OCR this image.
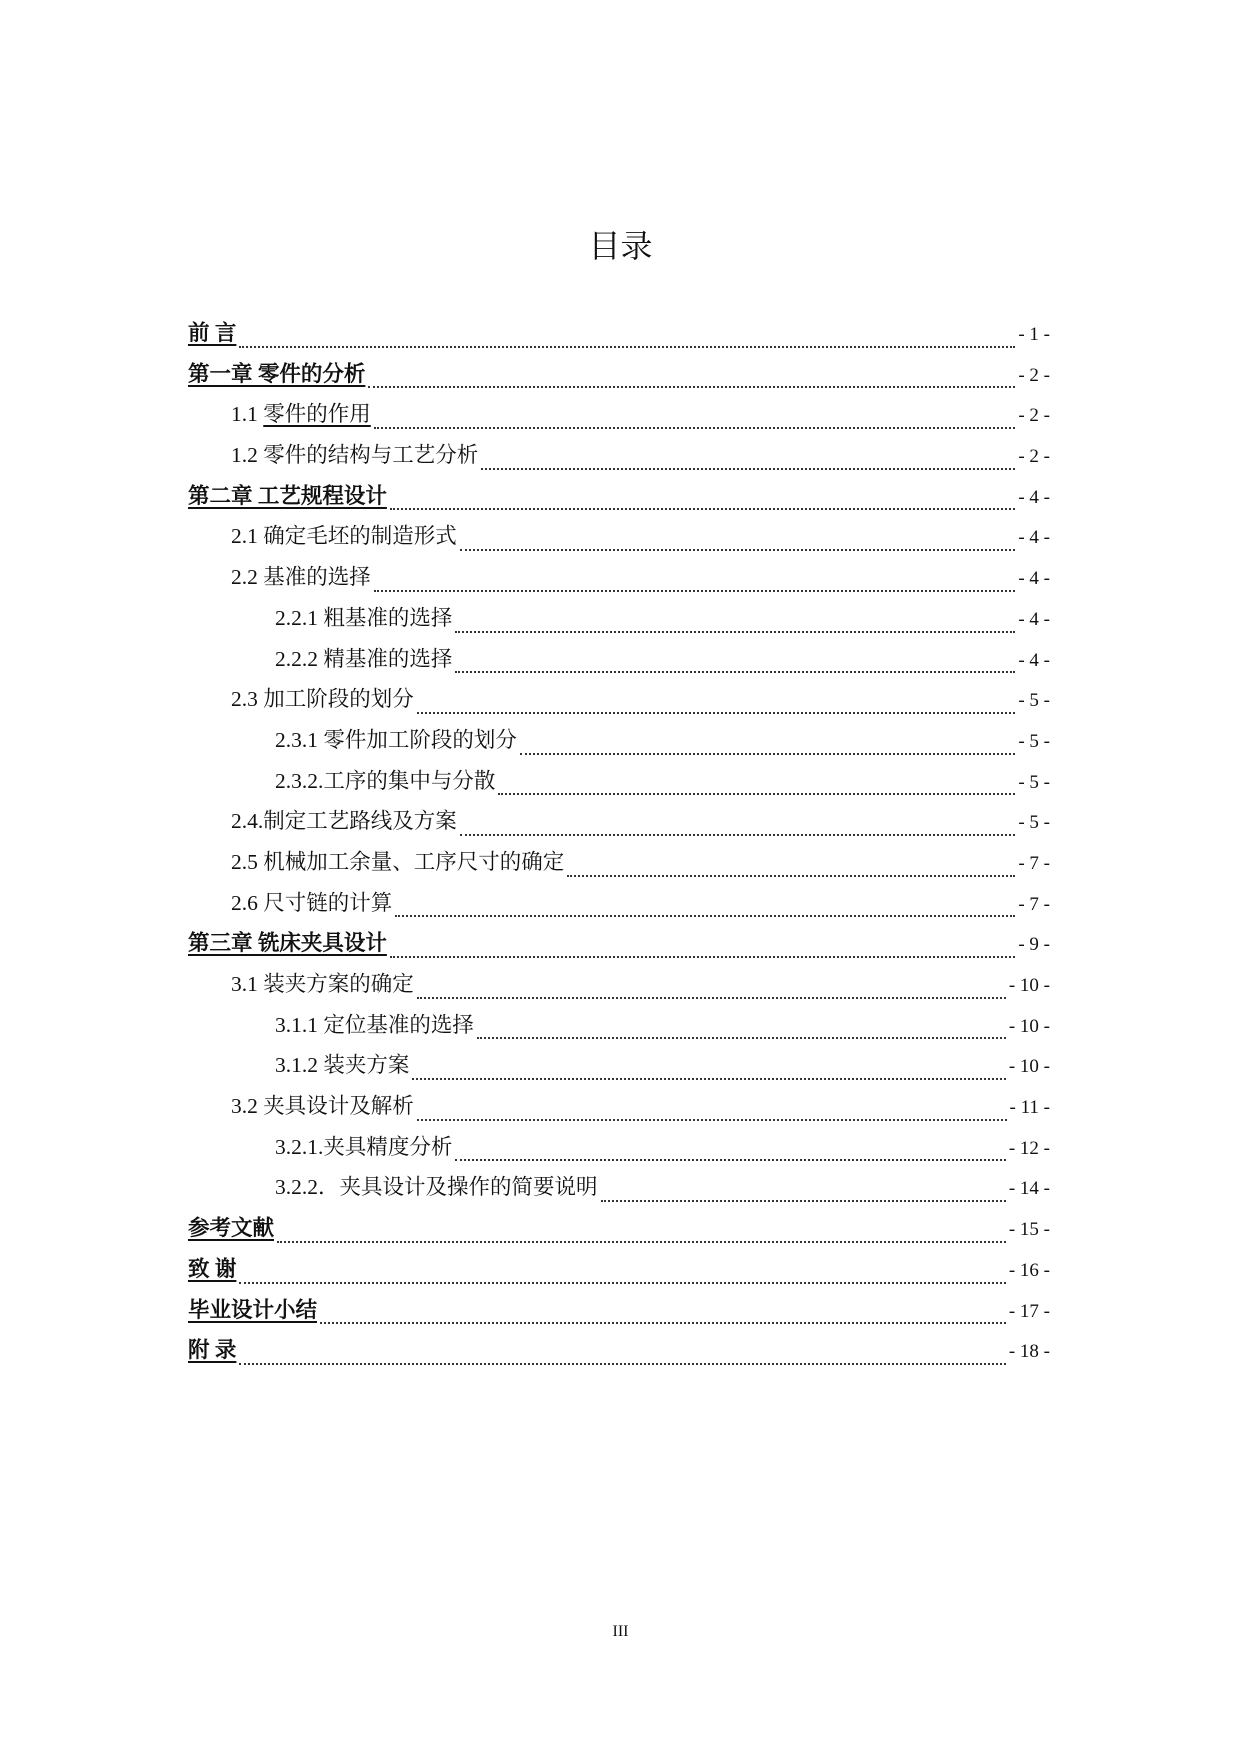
目录
前 言	- 1 -
第一章 零件的分析	- 2 -
1.1 零件的作用	- 2 -
1.2 零件的结构与工艺分析	- 2 -
第二章 工艺规程设计	- 4 -
2.1 确定毛坯的制造形式	- 4 -
2.2 基准的选择	- 4 -
2.2.1 粗基准的选择	- 4 -
2.2.2 精基准的选择	- 4 -
2.3 加工阶段的划分	- 5 -
2.3.1 零件加工阶段的划分	- 5 -
2.3.2.工序的集中与分散	- 5 -
2.4.制定工艺路线及方案	- 5 -
2.5 机械加工余量、工序尺寸的确定	- 7 -
2.6 尺寸链的计算	- 7 -
第三章 铣床夹具设计	- 9 -
3.1 装夹方案的确定	- 10 -
3.1.1 定位基准的选择	- 10 -
3.1.2 装夹方案	- 10 -
3.2 夹具设计及解析	- 11 -
3.2.1.夹具精度分析	- 12 -
3.2.2．夹具设计及操作的简要说明	- 14 -
参考文献	- 15 -
致 谢	- 16 -
毕业设计小结	- 17 -
附 录	- 18 -
III
